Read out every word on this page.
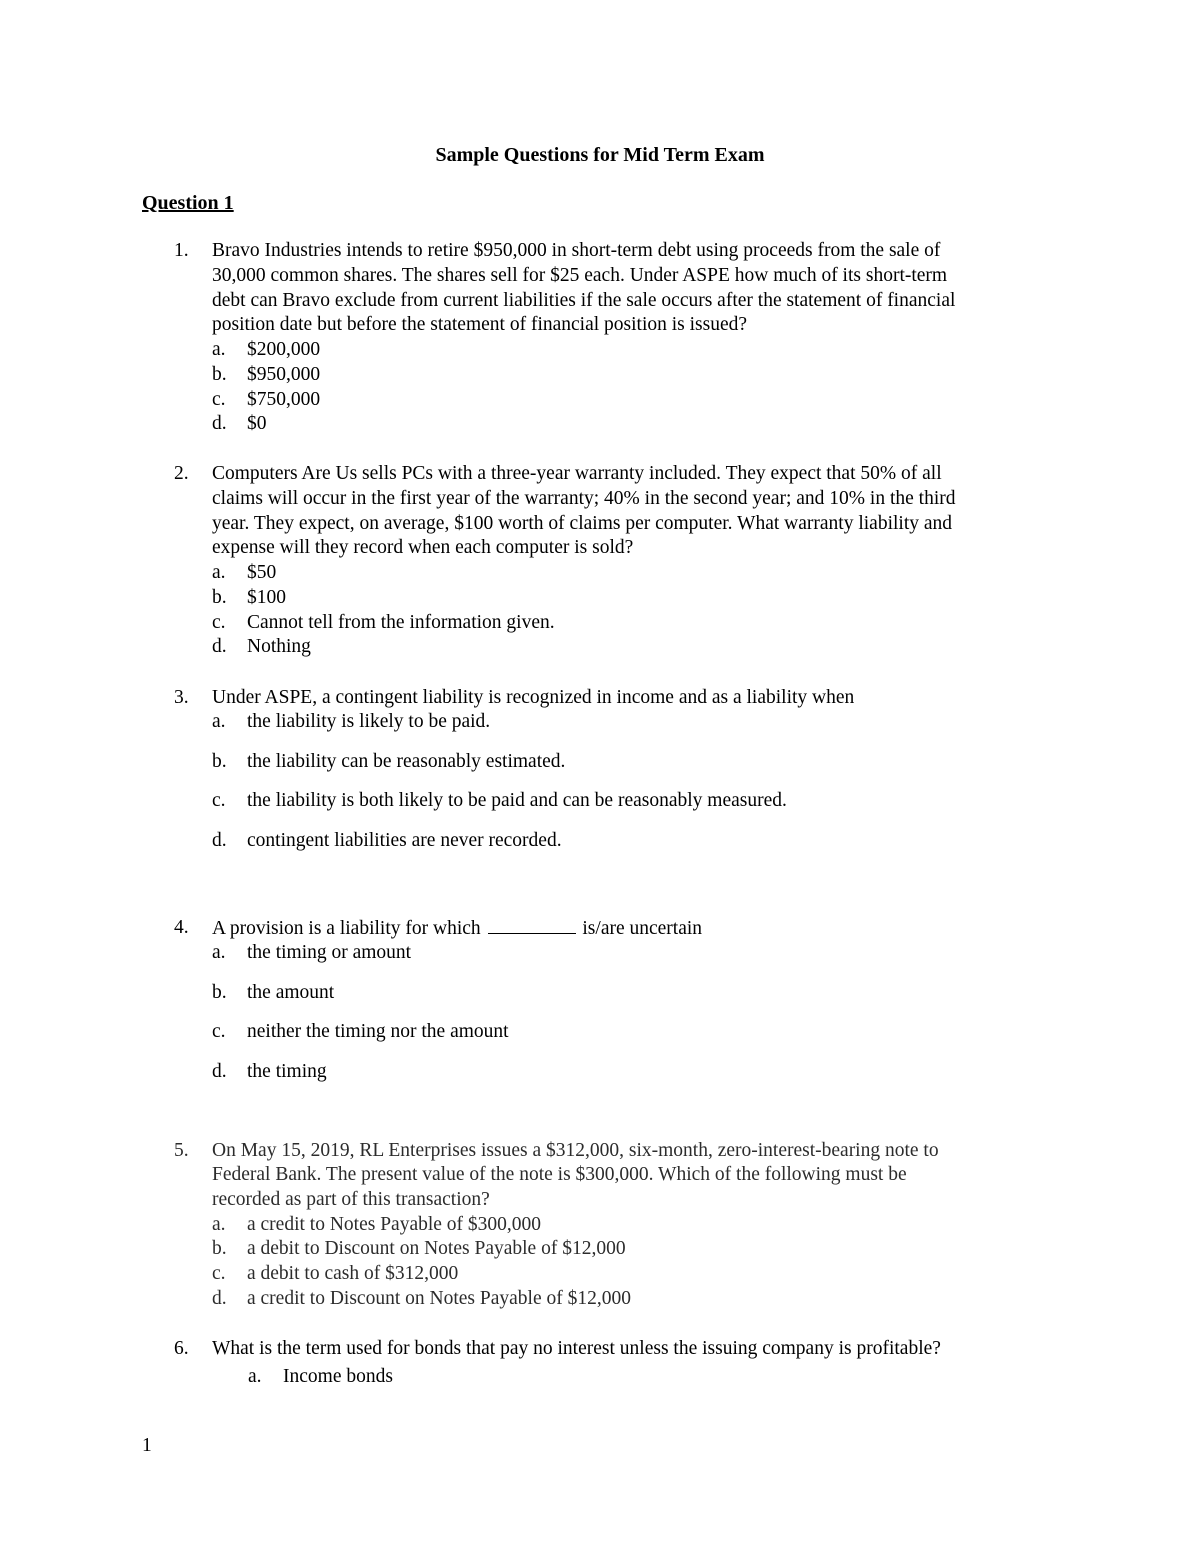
Sample Questions for Mid Term Exam
Question 1
1.	Bravo Industries intends to retire $950,000 in short-term debt using proceeds from the sale of
30,000 common shares. The shares sell for $25 each. Under ASPE how much of its short-term
debt can Bravo exclude from current liabilities if the sale occurs after the statement of financial
position date but before the statement of financial position is issued?
a. $200,000
b. $950,000
c. $750,000
d. $0
2.	Computers Are Us sells PCs with a three-year warranty included. They expect that 50% of all
claims will occur in the first year of the warranty; 40% in the second year; and 10% in the third
year. They expect, on average, $100 worth of claims per computer. What warranty liability and
expense will they record when each computer is sold?
a. $50
b. $100
c. Cannot tell from the information given.
d. Nothing
3.	Under ASPE, a contingent liability is recognized in income and as a liability when
a. the liability is likely to be paid.
b. the liability can be reasonably estimated.
c. the liability is both likely to be paid and can be reasonably measured.
d. contingent liabilities are never recorded.
4.	A provision is a liability for which	is/are uncertain
a. the timing or amount
b. the amount
c. neither the timing nor the amount
d. the timing
5.	On May 15, 2019, RL Enterprises issues a $312,000, six-month, zero-interest-bearing note to
Federal Bank. The present value of the note is $300,000. Which of the following must be
recorded as part of this transaction?
a. a credit to Notes Payable of $300,000
b. a debit to Discount on Notes Payable of $12,000
c. a debit to cash of $312,000
d. a credit to Discount on Notes Payable of $12,000
6.	What is the term used for bonds that pay no interest unless the issuing company is profitable?
a. Income bonds
1
